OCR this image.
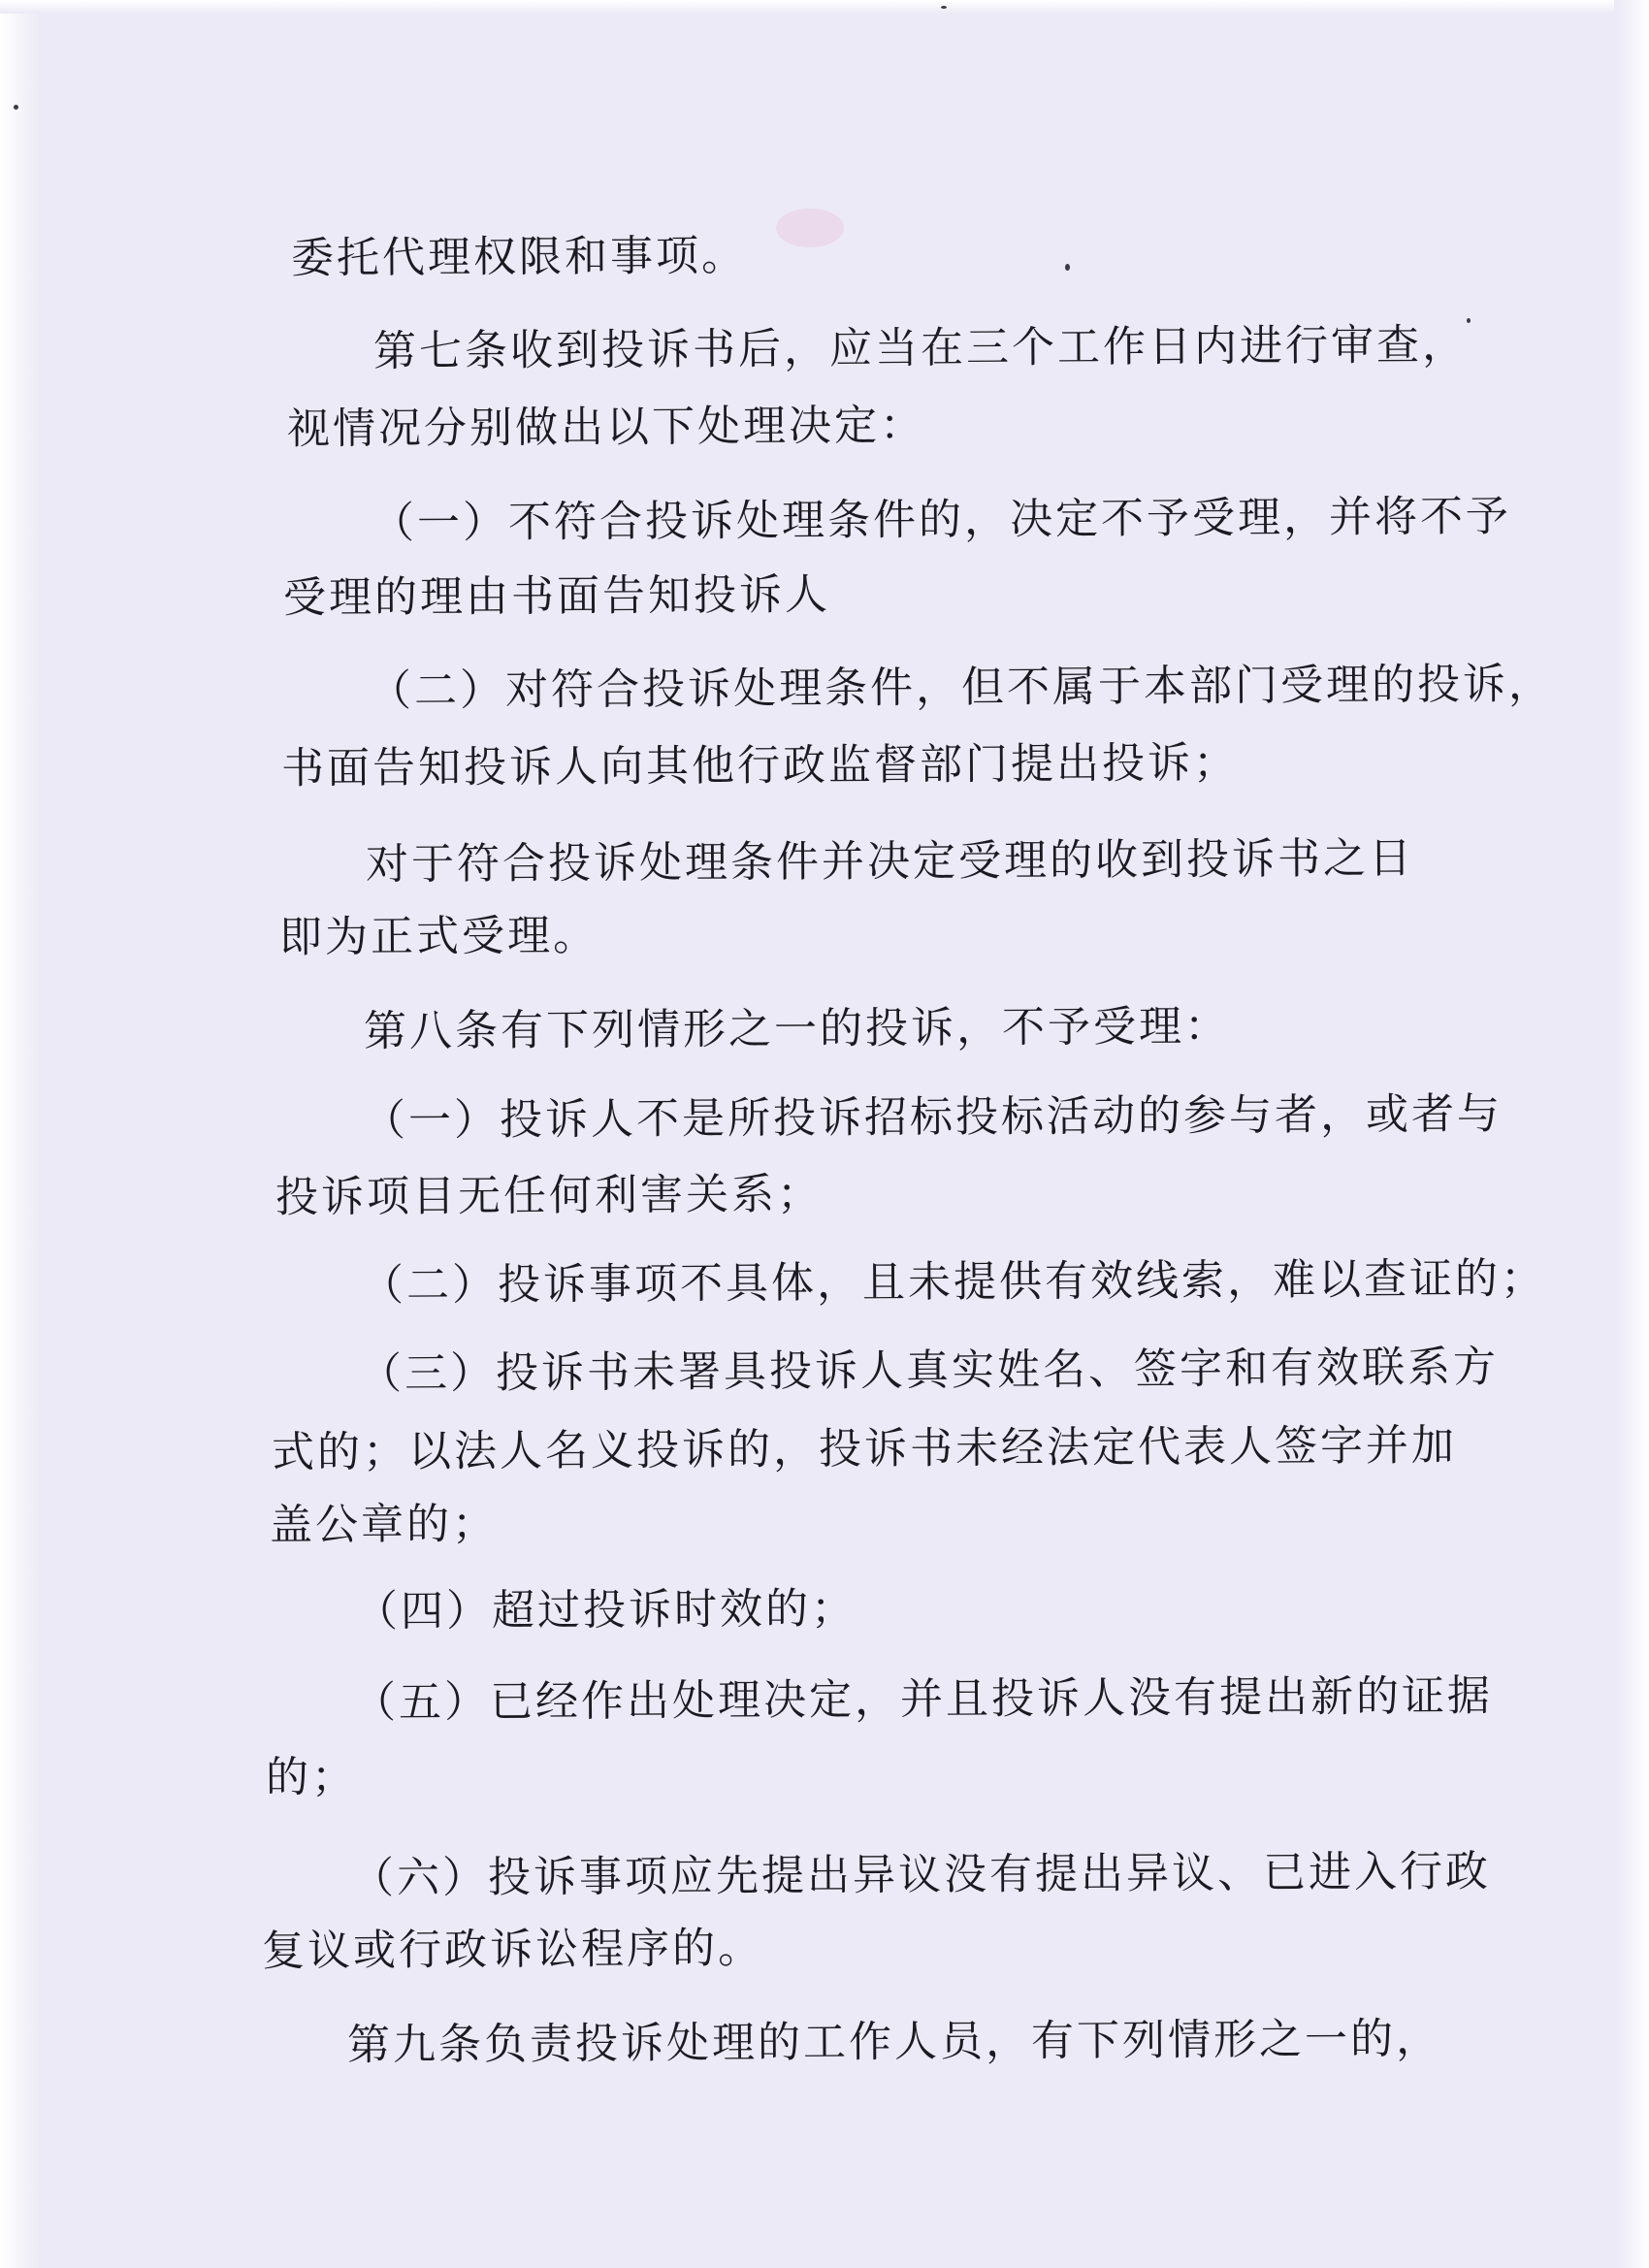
委托代理权限和事项。
第七条收到投诉书后，应当在三个工作日内进行审查，
视情况分别做出以下处理决定：
（一）不符合投诉处理条件的，决定不予受理，并将不予
受理的理由书面告知投诉人
（二）对符合投诉处理条件，但不属于本部门受理的投诉，
书面告知投诉人向其他行政监督部门提出投诉；
对于符合投诉处理条件并决定受理的收到投诉书之日
即为正式受理。
第八条有下列情形之一的投诉，不予受理：
（一）投诉人不是所投诉招标投标活动的参与者，或者与
投诉项目无任何利害关系；
（二）投诉事项不具体，且未提供有效线索，难以查证的；
（三）投诉书未署具投诉人真实姓名、签字和有效联系方
式的；以法人名义投诉的，投诉书未经法定代表人签字并加
盖公章的；
（四）超过投诉时效的；
（五）已经作出处理决定，并且投诉人没有提出新的证据
的；
（六）投诉事项应先提出异议没有提出异议、已进入行政
复议或行政诉讼程序的。
第九条负责投诉处理的工作人员，有下列情形之一的，
